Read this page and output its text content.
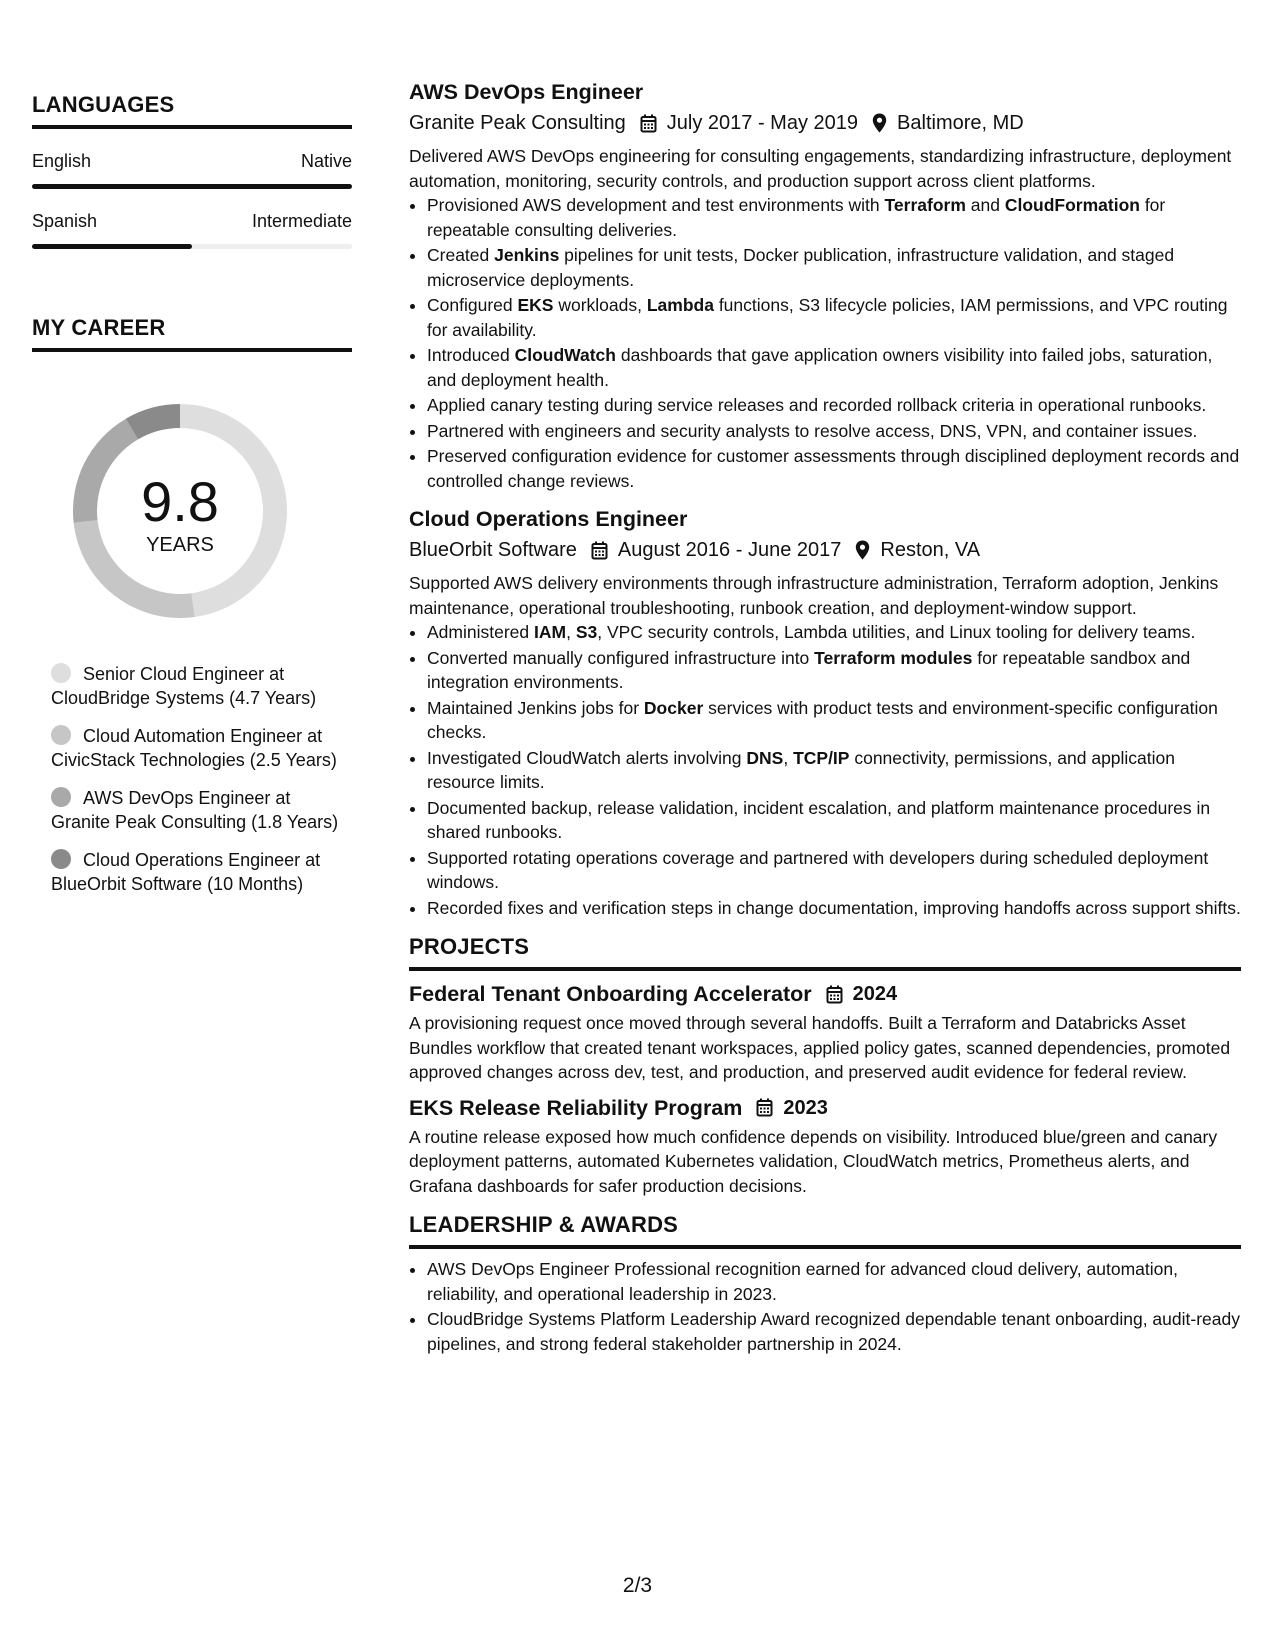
LANGUAGES
English	Native
Spanish	Intermediate
MY CAREER
9.8
YEARS
Senior Cloud Engineer at CloudBridge Systems (4.7 Years)
Cloud Automation Engineer at CivicStack Technologies (2.5 Years)
AWS DevOps Engineer at Granite Peak Consulting (1.8 Years)
Cloud Operations Engineer at BlueOrbit Software (10 Months)
AWS DevOps Engineer
Granite Peak Consulting July 2017 - May 2019 Baltimore, MD
Delivered AWS DevOps engineering for consulting engagements, standardizing infrastructure, deployment automation, monitoring, security controls, and production support across client platforms.
• Provisioned AWS development and test environments with Terraform and CloudFormation for repeatable consulting deliveries.
• Created Jenkins pipelines for unit tests, Docker publication, infrastructure validation, and staged microservice deployments.
• Configured EKS workloads, Lambda functions, S3 lifecycle policies, IAM permissions, and VPC routing for availability.
• Introduced CloudWatch dashboards that gave application owners visibility into failed jobs, saturation, and deployment health.
• Applied canary testing during service releases and recorded rollback criteria in operational runbooks.
• Partnered with engineers and security analysts to resolve access, DNS, VPN, and container issues.
• Preserved configuration evidence for customer assessments through disciplined deployment records and controlled change reviews.
Cloud Operations Engineer
BlueOrbit Software August 2016 - June 2017 Reston, VA
Supported AWS delivery environments through infrastructure administration, Terraform adoption, Jenkins maintenance, operational troubleshooting, runbook creation, and deployment-window support.
• Administered IAM, S3, VPC security controls, Lambda utilities, and Linux tooling for delivery teams.
• Converted manually configured infrastructure into Terraform modules for repeatable sandbox and integration environments.
• Maintained Jenkins jobs for Docker services with product tests and environment-specific configuration checks.
• Investigated CloudWatch alerts involving DNS, TCP/IP connectivity, permissions, and application resource limits.
• Documented backup, release validation, incident escalation, and platform maintenance procedures in shared runbooks.
• Supported rotating operations coverage and partnered with developers during scheduled deployment windows.
• Recorded fixes and verification steps in change documentation, improving handoffs across support shifts.
PROJECTS
Federal Tenant Onboarding Accelerator 2024
A provisioning request once moved through several handoffs. Built a Terraform and Databricks Asset Bundles workflow that created tenant workspaces, applied policy gates, scanned dependencies, promoted approved changes across dev, test, and production, and preserved audit evidence for federal review.
EKS Release Reliability Program 2023
A routine release exposed how much confidence depends on visibility. Introduced blue/green and canary deployment patterns, automated Kubernetes validation, CloudWatch metrics, Prometheus alerts, and Grafana dashboards for safer production decisions.
LEADERSHIP & AWARDS
• AWS DevOps Engineer Professional recognition earned for advanced cloud delivery, automation, reliability, and operational leadership in 2023.
• CloudBridge Systems Platform Leadership Award recognized dependable tenant onboarding, audit-ready pipelines, and strong federal stakeholder partnership in 2024.
2/3
